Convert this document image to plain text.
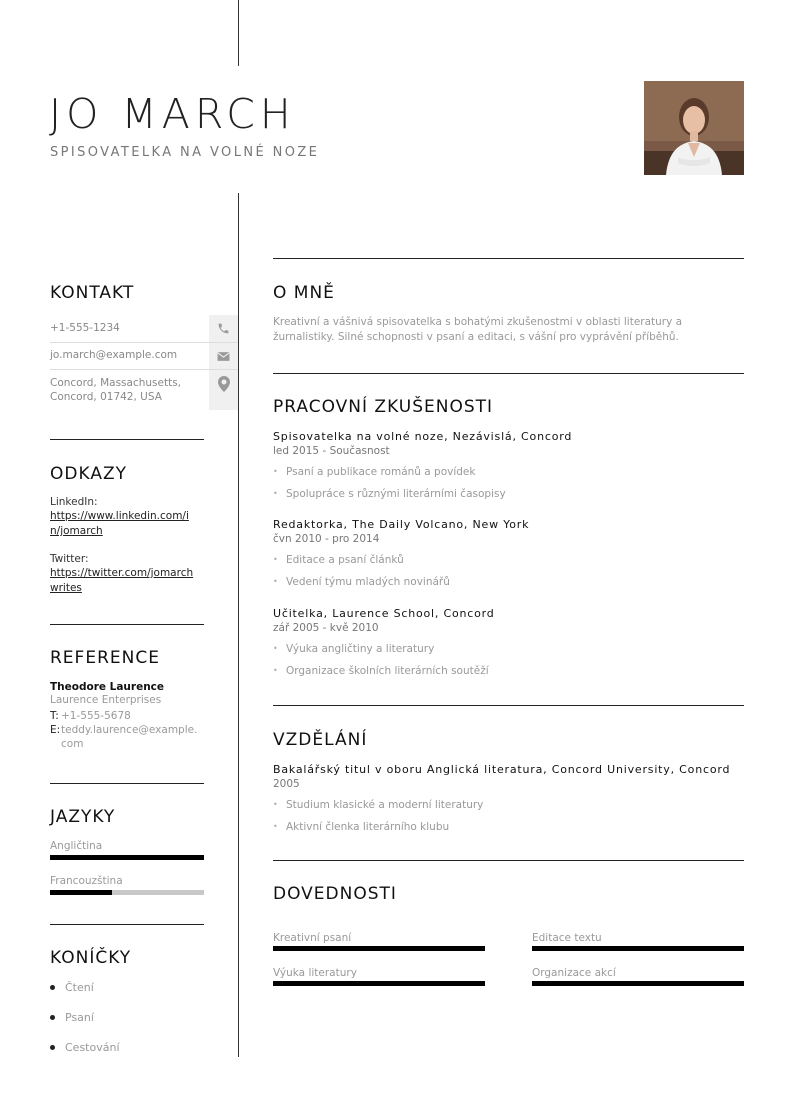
JO MARCH
SPISOVATELKA NA VOLNÉ NOZE
KONTAKT
+1-555-1234
jo.march@example.com
Concord, Massachusetts,
Concord, 01742, USA
ODKAZY
LinkedIn:
https://www.linkedin.com/i
n/jomarch
Twitter:
https://twitter.com/jomarch
writes
REFERENCE
Theodore Laurence
Laurence Enterprises
T: +1-555-5678
E: teddy.laurence@example.
com
JAZYKY
Angličtina
Francouzština
KONÍČKY
Čtení
Psaní
Cestování
O MNĚ
Kreativní a vášnivá spisovatelka s bohatými zkušenostmi v oblasti literatury a žurnalistiky. Silné schopnosti v psaní a editaci, s vášní pro vyprávění příběhů.
PRACOVNÍ ZKUŠENOSTI
Spisovatelka na volné noze, Nezávislá, Concord
led 2015 - Současnost
• Psaní a publikace románů a povídek
• Spolupráce s různými literárními časopisy
Redaktorka, The Daily Volcano, New York
čvn 2010 - pro 2014
• Editace a psaní článků
• Vedení týmu mladých novinářů
Učitelka, Laurence School, Concord
zář 2005 - kvě 2010
• Výuka angličtiny a literatury
• Organizace školních literárních soutěží
VZDĚLÁNÍ
Bakalářský titul v oboru Anglická literatura, Concord University, Concord
2005
• Studium klasické a moderní literatury
• Aktivní členka literárního klubu
DOVEDNOSTI
Kreativní psaní	Editace textu
Výuka literatury	Organizace akcí
